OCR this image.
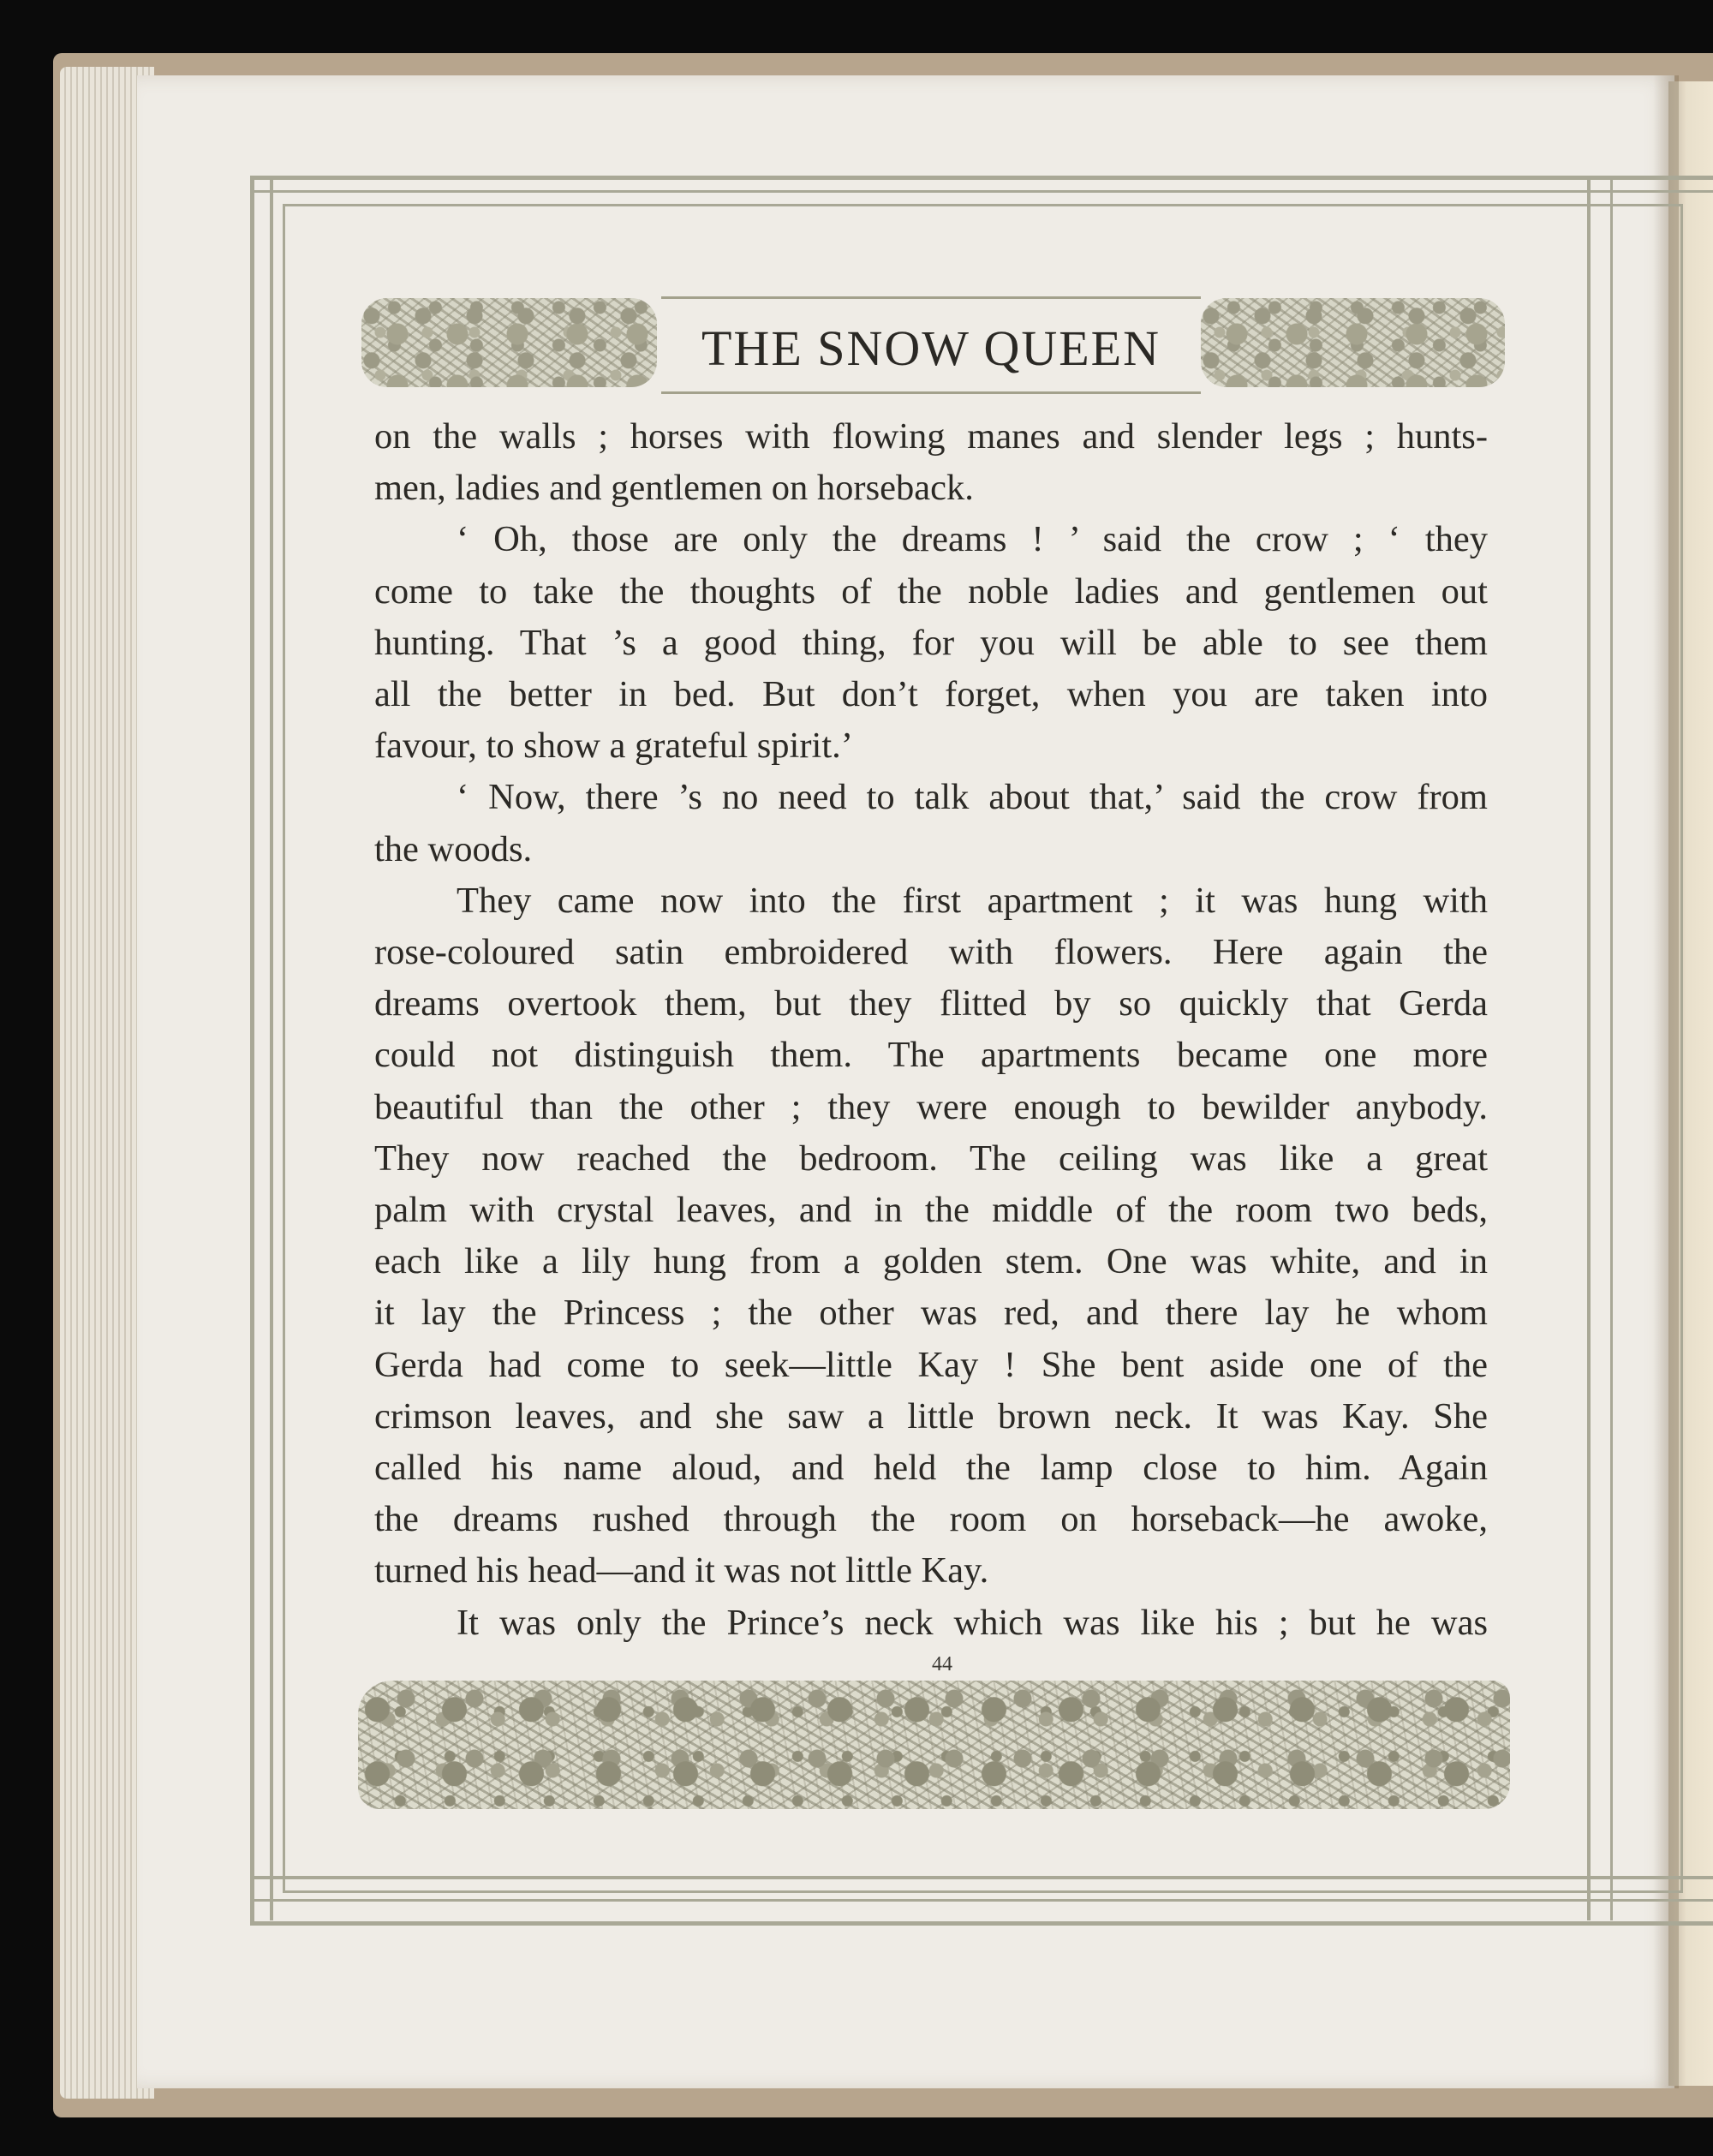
THE SNOW QUEEN

on the walls ; horses with flowing manes and slender legs ; hunts-

men, ladies and gentlemen on horseback.

‘ Oh, those are only the dreams ! ’ said the crow ; ‘ they

come to take the thoughts of the noble ladies and gentlemen out

hunting. That ’s a good thing, for you will be able to see them

all the better in bed. But don’t forget, when you are taken into

favour, to show a grateful spirit.’

‘ Now, there ’s no need to talk about that,’ said the crow from

the woods.

They came now into the first apartment ; it was hung with

rose-coloured satin embroidered with flowers. Here again the

dreams overtook them, but they flitted by so quickly that Gerda

could not distinguish them. The apartments became one more

beautiful than the other ; they were enough to bewilder anybody.

They now reached the bedroom. The ceiling was like a great

palm with crystal leaves, and in the middle of the room two beds,

each like a lily hung from a golden stem. One was white, and in

it lay the Princess ; the other was red, and there lay he whom

Gerda had come to seek—little Kay ! She bent aside one of the

crimson leaves, and she saw a little brown neck. It was Kay. She

called his name aloud, and held the lamp close to him. Again

the dreams rushed through the room on horseback—he awoke,

turned his head—and it was not little Kay.

It was only the Prince’s neck which was like his ; but he was

44
